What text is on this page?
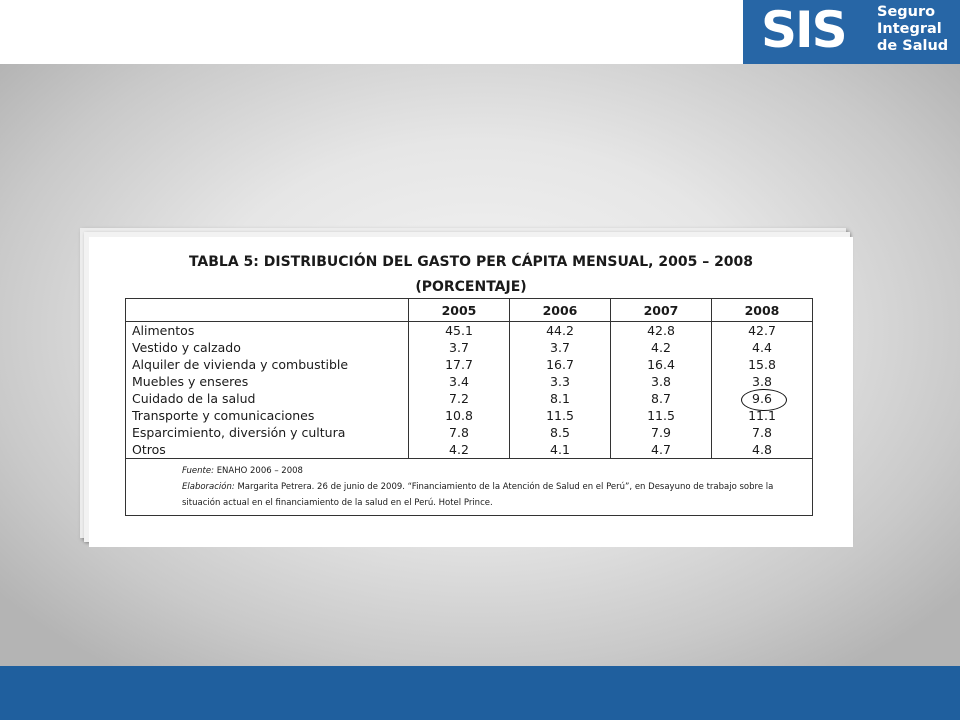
SIS Seguro
Integral
de Salud
TABLA 5: DISTRIBUCIÓN DEL GASTO PER CÁPITA MENSUAL, 2005 – 2008
(PORCENTAJE)
	2005	2006	2007	2008
Alimentos	45.1	44.2	42.8	42.7
Vestido y calzado	3.7	3.7	4.2	4.4
Alquiler de vivienda y combustible	17.7	16.7	16.4	15.8
Muebles y enseres	3.4	3.3	3.8	3.8
Cuidado de la salud	7.2	8.1	8.7	9.6

Transporte y comunicaciones	10.8	11.5	11.5	11.1
Esparcimiento, diversión y cultura	7.8	8.5	7.9	7.8
Otros	4.2	4.1	4.7	4.8

Fuente: ENAHO 2006 – 2008
Elaboración: Margarita Petrera. 26 de junio de 2009. “Financiamiento de la Atención de Salud en el Perú”, en Desayuno de trabajo sobre la situación actual en el financiamiento de la salud en el Perú. Hotel Prince.				
